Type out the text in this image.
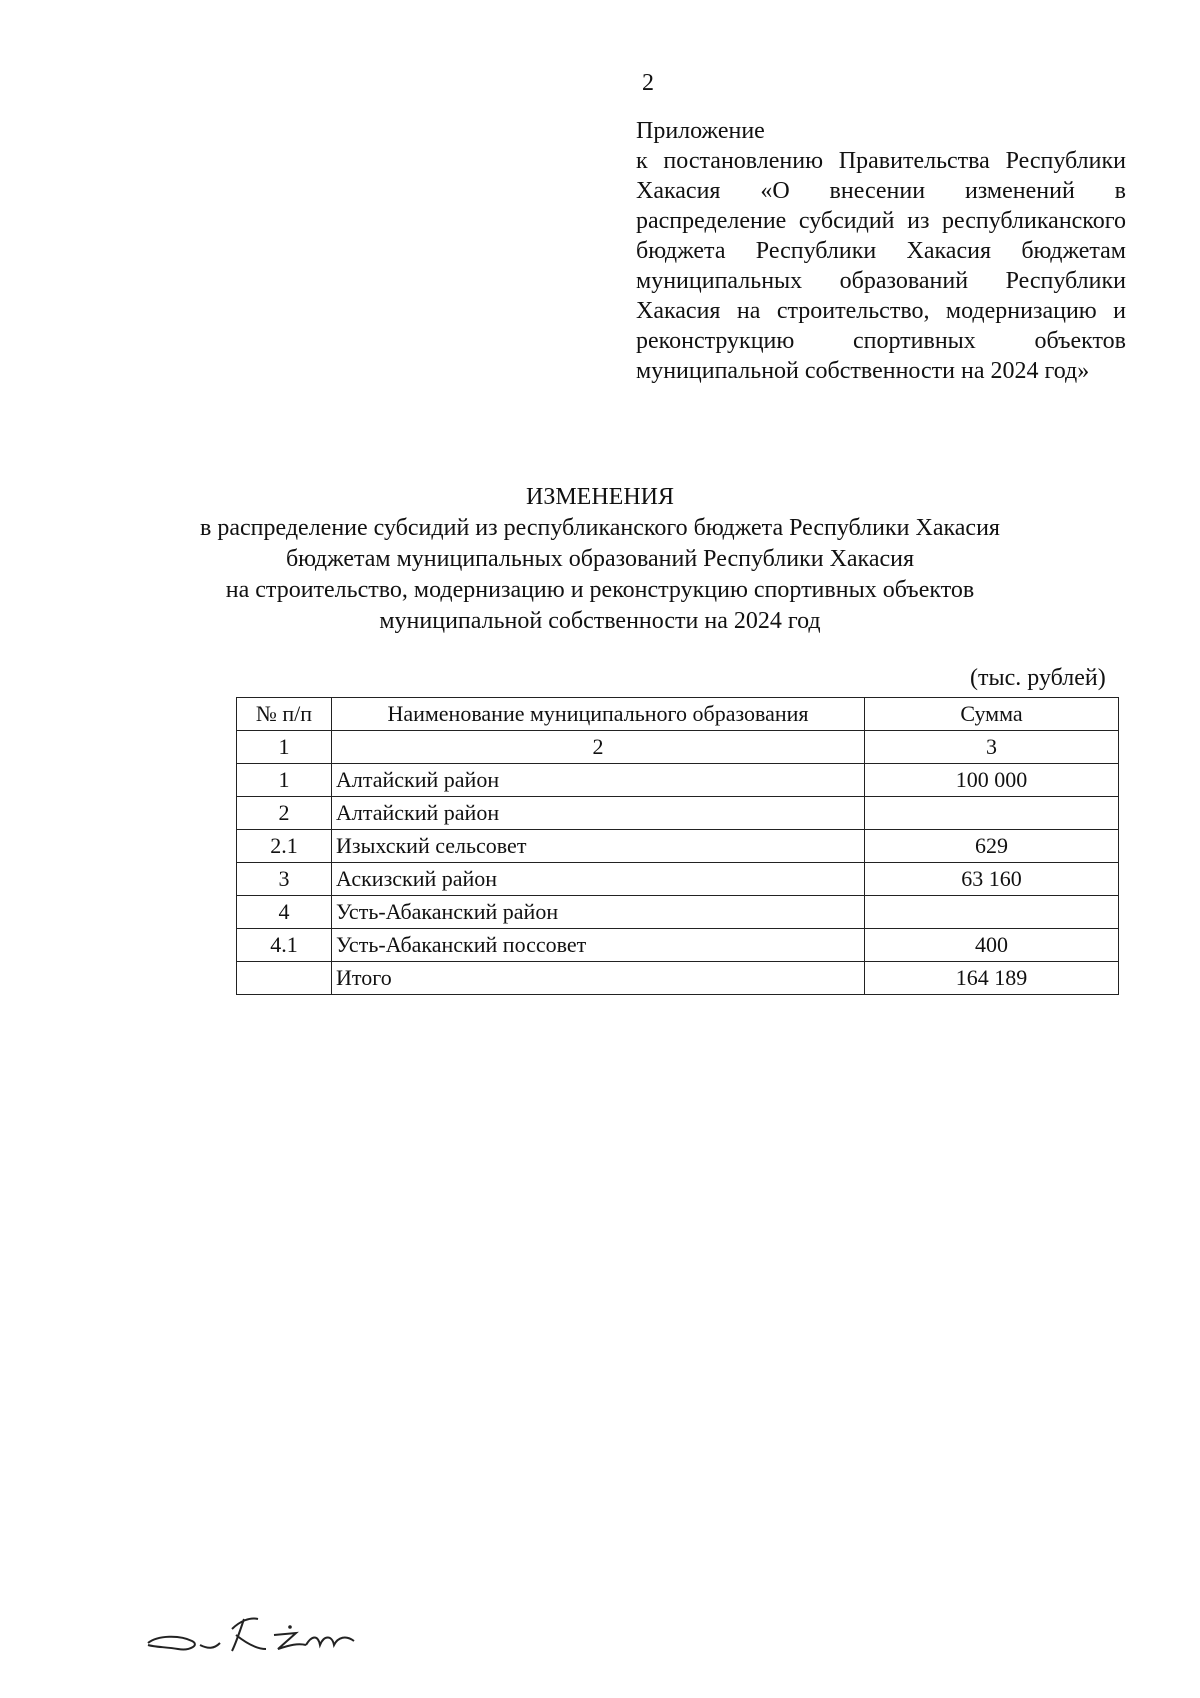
2
Приложение
к постановлению Правительства Республики Хакасия «О внесении изменений в распределение субсидий из республиканского бюджета Республики Хакасия бюджетам муниципальных образований Республики Хакасия на строительство, модернизацию и реконструкцию спортивных объектов муниципальной собственности на 2024 год»
ИЗМЕНЕНИЯ
в распределение субсидий из республиканского бюджета Республики Хакасия
бюджетам муниципальных образований Республики Хакасия
на строительство, модернизацию и реконструкцию спортивных объектов
муниципальной собственности на 2024 год
(тыс. рублей)
№ п/п	Наименование муниципального образования	Сумма
1	2	3
1	Алтайский район	100 000
2	Алтайский район	
2.1	Изыхский сельсовет	629
3	Аскизский район	63 160
4	Усть-Абаканский район	
4.1	Усть-Абаканский поссовет	400
	Итого	164 189
